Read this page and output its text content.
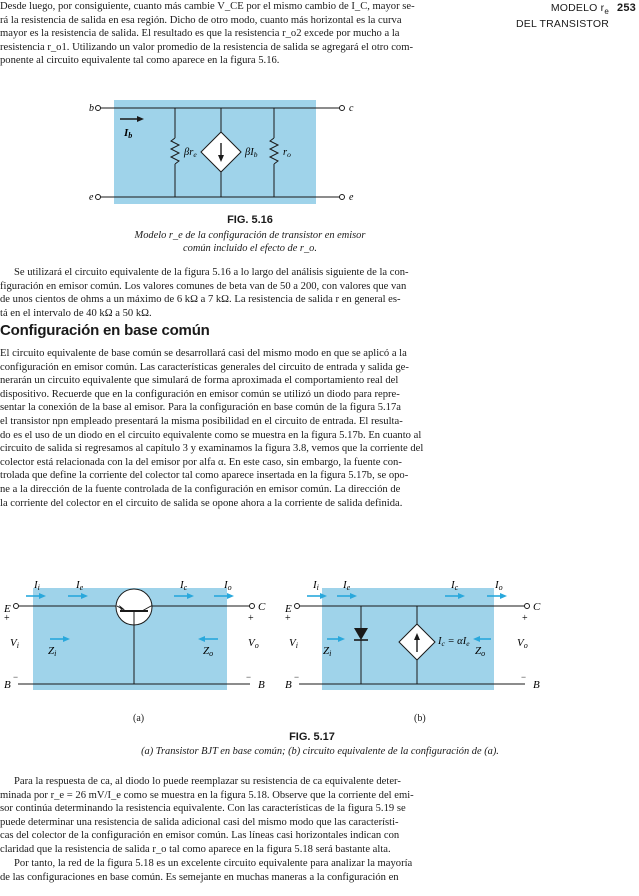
MODELO $r_e$
DEL TRANSISTOR
253
Desde luego, por consiguiente, cuanto más cambie V_CE por el mismo cambio de I_C, mayor se-
rá la resistencia de salida en esa región. Dicho de otro modo, cuanto más horizontal es la curva
mayor es la resistencia de salida. El resultado es que la resistencia r_o2 excede por mucho a la
resistencia r_o1. Utilizando un valor promedio de la resistencia de salida se agregará el otro com-
ponente al circuito equivalente tal como aparece en la figura 5.16.
b	c
e	e
Ib
βre	βIb ro
FIG. 5.16
Modelo r_e de la configuración de transistor en emisor
común incluido el efecto de r_o.
Se utilizará el circuito equivalente de la figura 5.16 a lo largo del análisis siguiente de la con-
figuración en emisor común. Los valores comunes de beta van de 50 a 200, con valores que van
de unos cientos de ohms a un máximo de 6 kΩ a 7 kΩ. La resistencia de salida r en general es-
tá en el intervalo de 40 kΩ a 50 kΩ.
Configuración en base común
El circuito equivalente de base común se desarrollará casi del mismo modo en que se aplicó a la
configuración en emisor común. Las características generales del circuito de entrada y salida ge-
nerarán un circuito equivalente que simulará de forma aproximada el comportamiento real del
dispositivo. Recuerde que en la configuración en emisor común se utilizó un diodo para repre-
sentar la conexión de la base al emisor. Para la configuración en base común de la figura 5.17a
el transistor npn empleado presentará la misma posibilidad en el circuito de entrada. El resulta-
do es el uso de un diodo en el circuito equivalente como se muestra en la figura 5.17b. En cuanto al
circuito de salida si regresamos al capítulo 3 y examinamos la figura 3.8, vemos que la corriente del
colector está relacionada con la del emisor por alfa α. En este caso, sin embargo, la fuente con-
trolada que define la corriente del colector tal como aparece insertada en la figura 5.17b, se opo-
ne a la dirección de la fuente controlada de la configuración en emisor común. La dirección de
la corriente del colector en el circuito de salida se opone ahora a la corriente de salida definida.
E
+
C
+
B
−
B
−
Ii	Ie	Ic	Io
Vi	Zi	Zo
Vo
E
+
C
+
B
−
B
−
Ic = αIe
Ii Ie	Ic	Io
Vi Zi	Zo
Vo
(a)	(b)
FIG. 5.17
(a) Transistor BJT en base común; (b) circuito equivalente de la configuración de (a).
Para la respuesta de ca, al diodo lo puede reemplazar su resistencia de ca equivalente deter-
minada por r_e = 26 mV/I_e como se muestra en la figura 5.18. Observe que la corriente del emi-
sor continúa determinando la resistencia equivalente. Con las características de la figura 5.19 se
puede determinar una resistencia de salida adicional casi del mismo modo que las característi-
cas del colector de la configuración en emisor común. Las líneas casi horizontales indican con
claridad que la resistencia de salida r_o tal como aparece en la figura 5.18 será bastante alta.
Por tanto, la red de la figura 5.18 es un excelente circuito equivalente para analizar la mayoría
de las configuraciones en base común. Es semejante en muchas maneras a la configuración en
